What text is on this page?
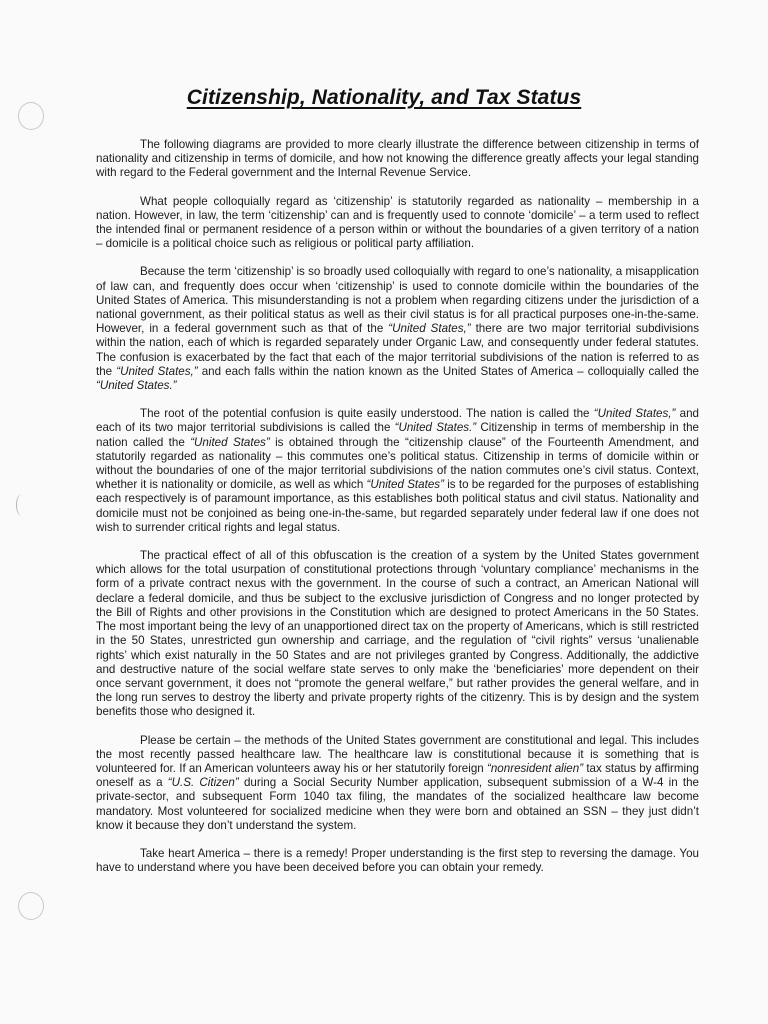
Citizenship, Nationality, and Tax Status

The following diagrams are provided to more clearly illustrate the difference between citizenship in terms of nationality and citizenship in terms of domicile, and how not knowing the difference greatly affects your legal standing with regard to the Federal government and the Internal Revenue Service.

What people colloquially regard as ‘citizenship’ is statutorily regarded as nationality – membership in a nation. However, in law, the term ‘citizenship’ can and is frequently used to connote ‘domicile’ – a term used to reflect the intended final or permanent residence of a person within or without the boundaries of a given territory of a nation – domicile is a political choice such as religious or political party affiliation.

Because the term ‘citizenship’ is so broadly used colloquially with regard to one’s nationality, a misapplication of law can, and frequently does occur when ‘citizenship’ is used to connote domicile within the boundaries of the United States of America. This misunderstanding is not a problem when regarding citizens under the jurisdiction of a national government, as their political status as well as their civil status is for all practical purposes one-in-the-same. However, in a federal government such as that of the “United States,” there are two major territorial subdivisions within the nation, each of which is regarded separately under Organic Law, and consequently under federal statutes. The confusion is exacerbated by the fact that each of the major territorial subdivisions of the nation is referred to as the “United States,” and each falls within the nation known as the United States of America – colloquially called the “United States.”

The root of the potential confusion is quite easily understood. The nation is called the “United States,” and each of its two major territorial subdivisions is called the “United States.” Citizenship in terms of membership in the nation called the “United States” is obtained through the “citizenship clause” of the Fourteenth Amendment, and statutorily regarded as nationality – this commutes one’s political status. Citizenship in terms of domicile within or without the boundaries of one of the major territorial subdivisions of the nation commutes one’s civil status. Context, whether it is nationality or domicile, as well as which “United States” is to be regarded for the purposes of establishing each respectively is of paramount importance, as this establishes both political status and civil status. Nationality and domicile must not be conjoined as being one-in-the-same, but regarded separately under federal law if one does not wish to surrender critical rights and legal status.

The practical effect of all of this obfuscation is the creation of a system by the United States government which allows for the total usurpation of constitutional protections through ‘voluntary compliance’ mechanisms in the form of a private contract nexus with the government. In the course of such a contract, an American National will declare a federal domicile, and thus be subject to the exclusive jurisdiction of Congress and no longer protected by the Bill of Rights and other provisions in the Constitution which are designed to protect Americans in the 50 States. The most important being the levy of an unapportioned direct tax on the property of Americans, which is still restricted in the 50 States, unrestricted gun ownership and carriage, and the regulation of “civil rights” versus ‘unalienable rights’ which exist naturally in the 50 States and are not privileges granted by Congress. Additionally, the addictive and destructive nature of the social welfare state serves to only make the ‘beneficiaries’ more dependent on their once servant government, it does not “promote the general welfare,” but rather provides the general welfare, and in the long run serves to destroy the liberty and private property rights of the citizenry. This is by design and the system benefits those who designed it.

Please be certain – the methods of the United States government are constitutional and legal. This includes the most recently passed healthcare law. The healthcare law is constitutional because it is something that is volunteered for. If an American volunteers away his or her statutorily foreign “nonresident alien” tax status by affirming oneself as a “U.S. Citizen” during a Social Security Number application, subsequent submission of a W-4 in the private-sector, and subsequent Form 1040 tax filing, the mandates of the socialized healthcare law become mandatory. Most volunteered for socialized medicine when they were born and obtained an SSN – they just didn’t know it because they don’t understand the system.

Take heart America – there is a remedy! Proper understanding is the first step to reversing the damage. You have to understand where you have been deceived before you can obtain your remedy.
